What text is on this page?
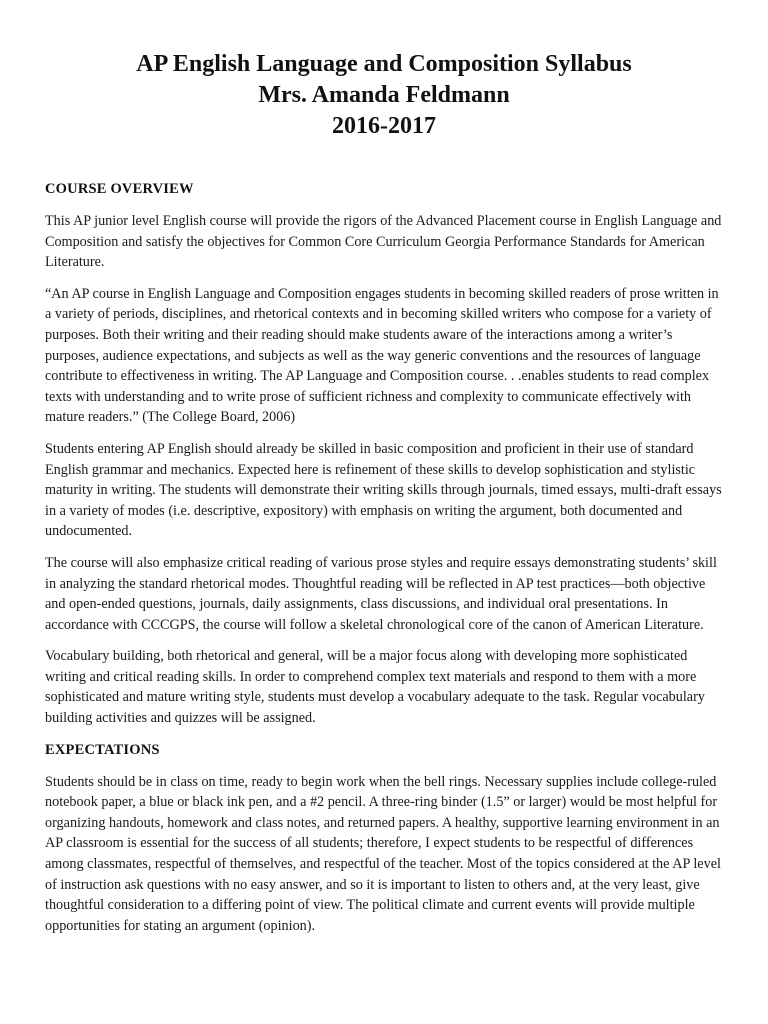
AP English Language and Composition Syllabus

Mrs. Amanda Feldmann

2016-2017

COURSE OVERVIEW

This AP junior level English course will provide the rigors of the Advanced Placement course in English Language and Composition and satisfy the objectives for Common Core Curriculum Georgia Performance Standards for American Literature.

“An AP course in English Language and Composition engages students in becoming skilled readers of prose written in a variety of periods, disciplines, and rhetorical contexts and in becoming skilled writers who compose for a variety of purposes. Both their writing and their reading should make students aware of the interactions among a writer’s purposes, audience expectations, and subjects as well as the way generic conventions and the resources of language contribute to effectiveness in writing. The AP Language and Composition course. . .enables students to read complex texts with understanding and to write prose of sufficient richness and complexity to communicate effectively with mature readers.” (The College Board, 2006)

Students entering AP English should already be skilled in basic composition and proficient in their use of standard English grammar and mechanics. Expected here is refinement of these skills to develop sophistication and stylistic maturity in writing. The students will demonstrate their writing skills through journals, timed essays, multi-draft essays in a variety of modes (i.e. descriptive, expository) with emphasis on writing the argument, both documented and undocumented.

The course will also emphasize critical reading of various prose styles and require essays demonstrating students’ skill in analyzing the standard rhetorical modes. Thoughtful reading will be reflected in AP test practices—both objective and open-ended questions, journals, daily assignments, class discussions, and individual oral presentations. In accordance with CCCGPS, the course will follow a skeletal chronological core of the canon of American Literature.

Vocabulary building, both rhetorical and general, will be a major focus along with developing more sophisticated writing and critical reading skills. In order to comprehend complex text materials and respond to them with a more sophisticated and mature writing style, students must develop a vocabulary adequate to the task. Regular vocabulary building activities and quizzes will be assigned.

EXPECTATIONS

Students should be in class on time, ready to begin work when the bell rings. Necessary supplies include college-ruled notebook paper, a blue or black ink pen, and a #2 pencil. A three-ring binder (1.5” or larger) would be most helpful for organizing handouts, homework and class notes, and returned papers. A healthy, supportive learning environment in an AP classroom is essential for the success of all students; therefore, I expect students to be respectful of differences among classmates, respectful of themselves, and respectful of the teacher. Most of the topics considered at the AP level of instruction ask questions with no easy answer, and so it is important to listen to others and, at the very least, give thoughtful consideration to a differing point of view. The political climate and current events will provide multiple opportunities for stating an argument (opinion).
